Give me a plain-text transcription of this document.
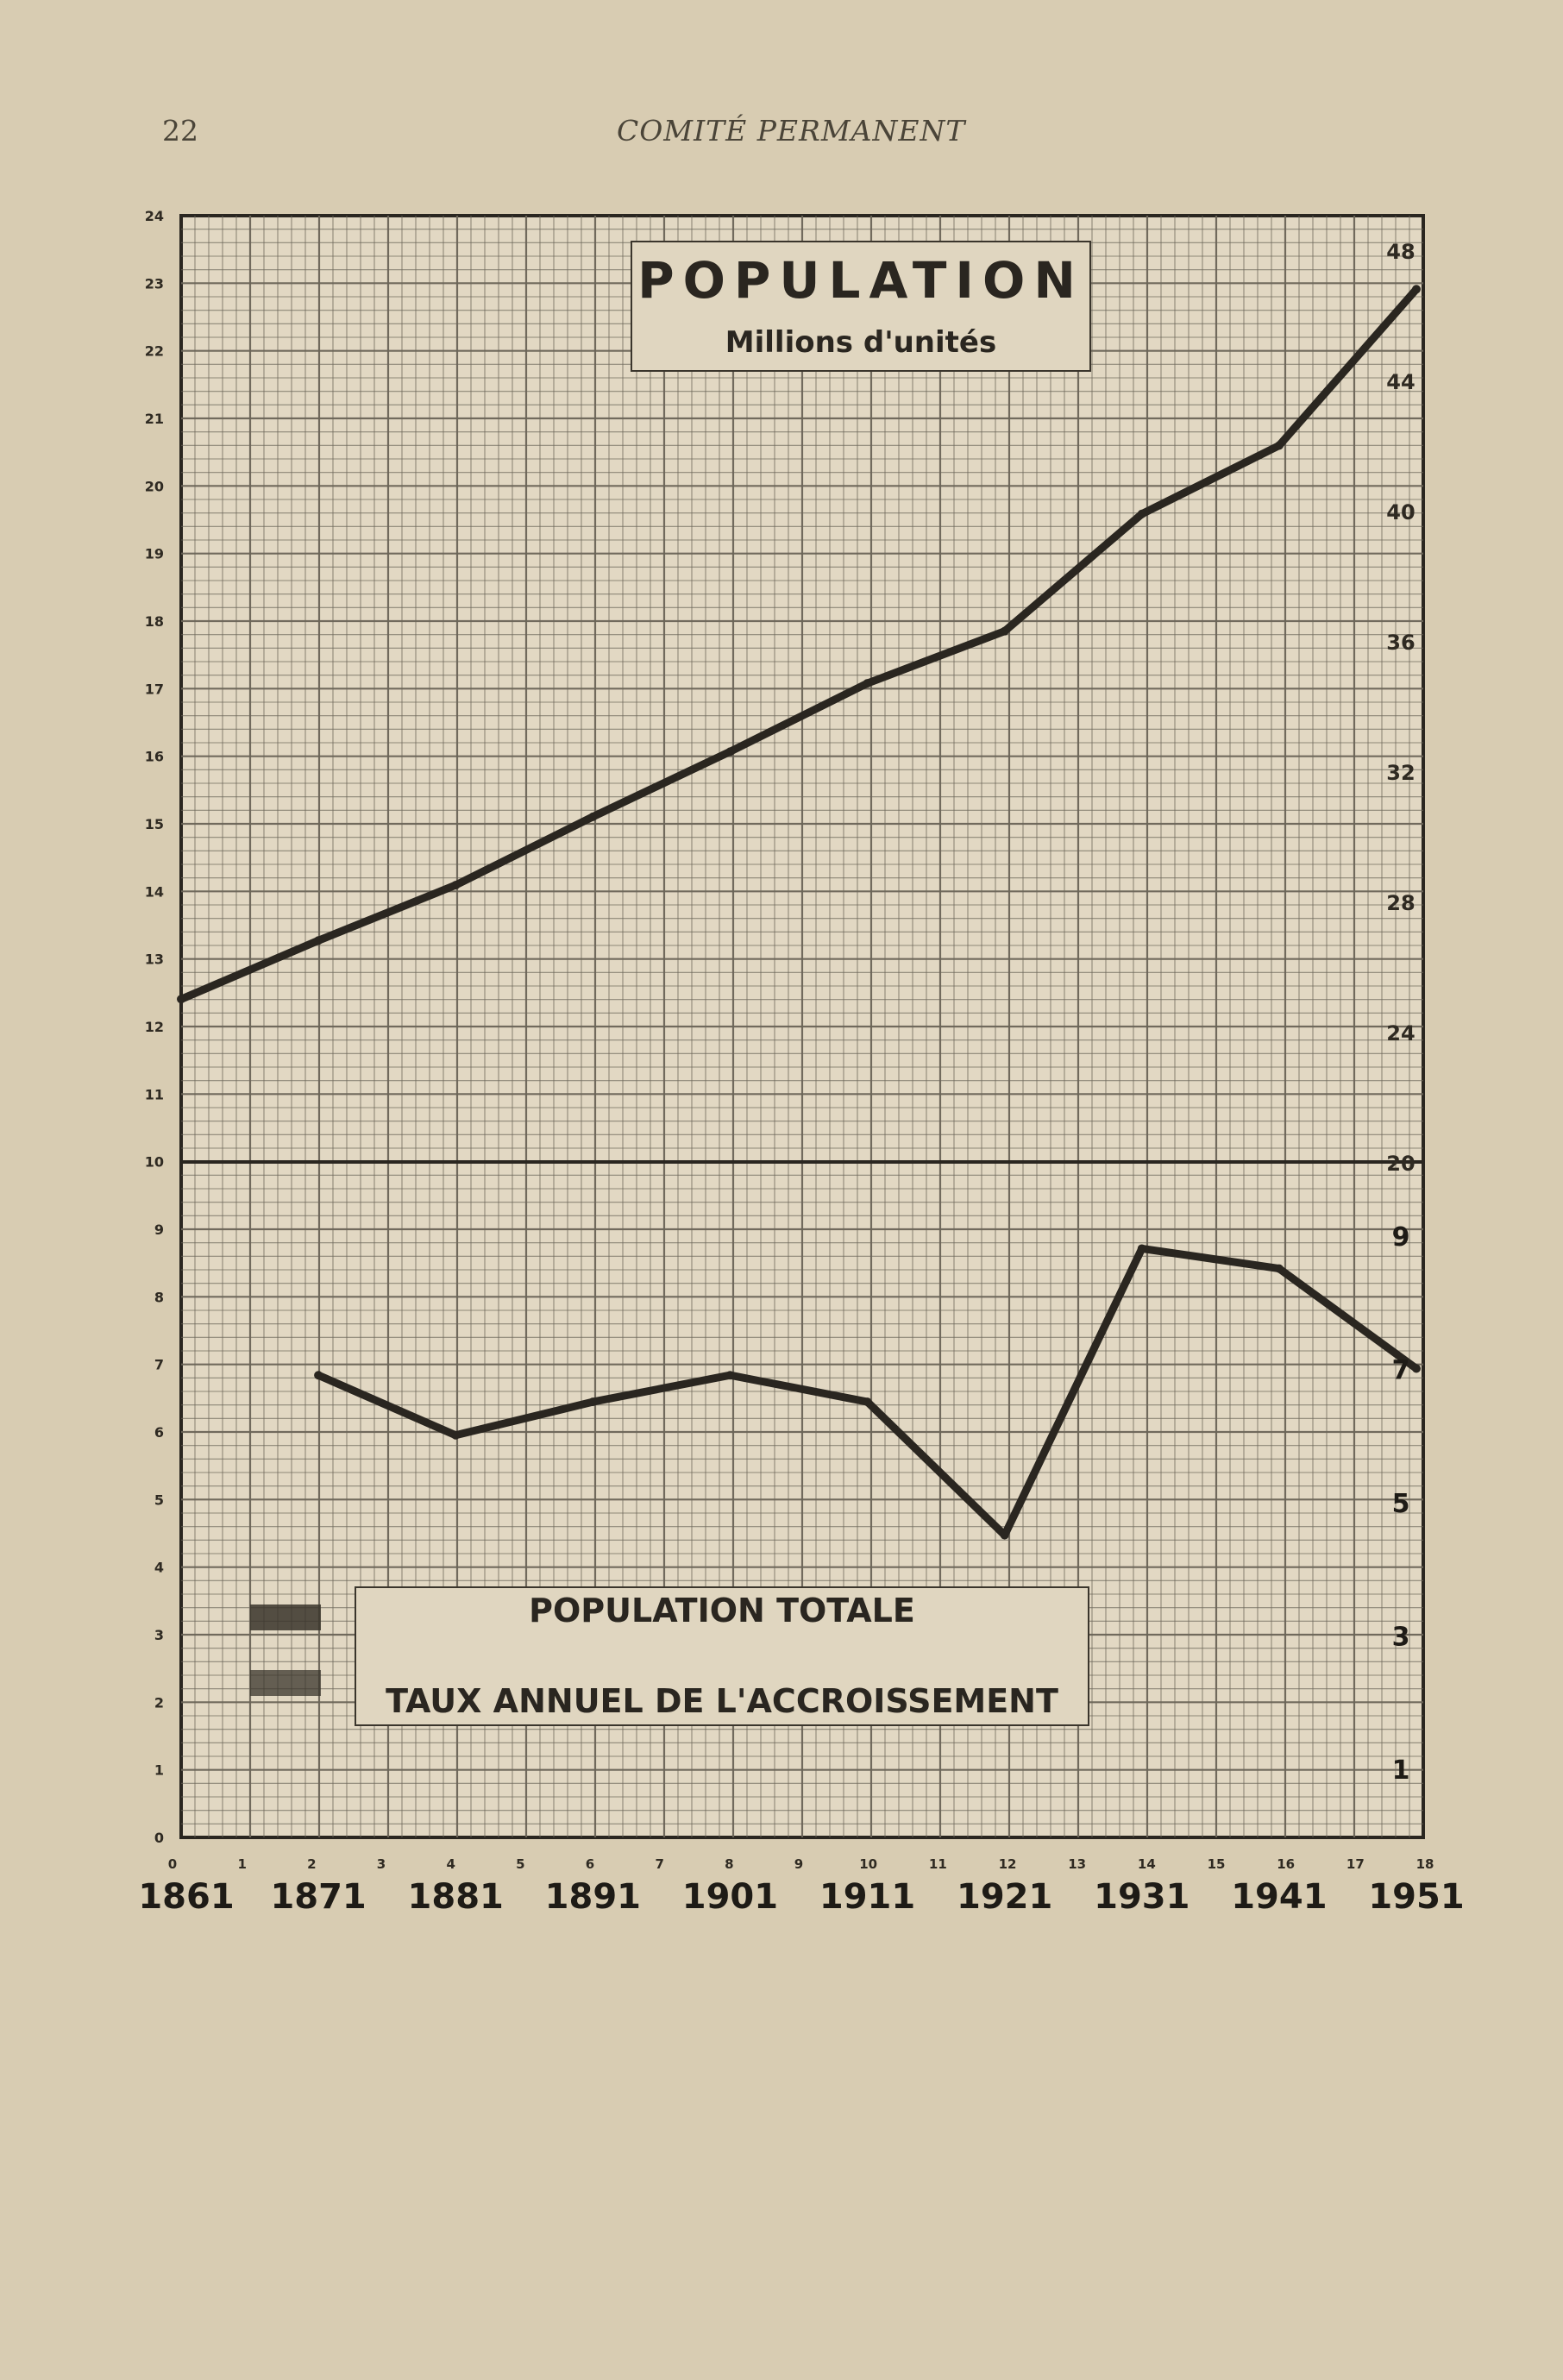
22	COMITÉ PERMANENT
POPULATION
Millions d'unités
POPULATION TOTALE
TAUX ANNUEL DE L'ACCROISSEMENT
0
1
2
3
4
5
6
7
8
9
10
11
12
13
14
15
16
17
18
19
20
21
22
23
24
0	1	2	3	4	5	6	7	8	9	10	11	12	13	14	15	16	17	18
1861 1871 1881 1891 1901 1911 1921 1931 1941 1951
20
24
28
32
36
40
44
48
1
3
5
7
9
